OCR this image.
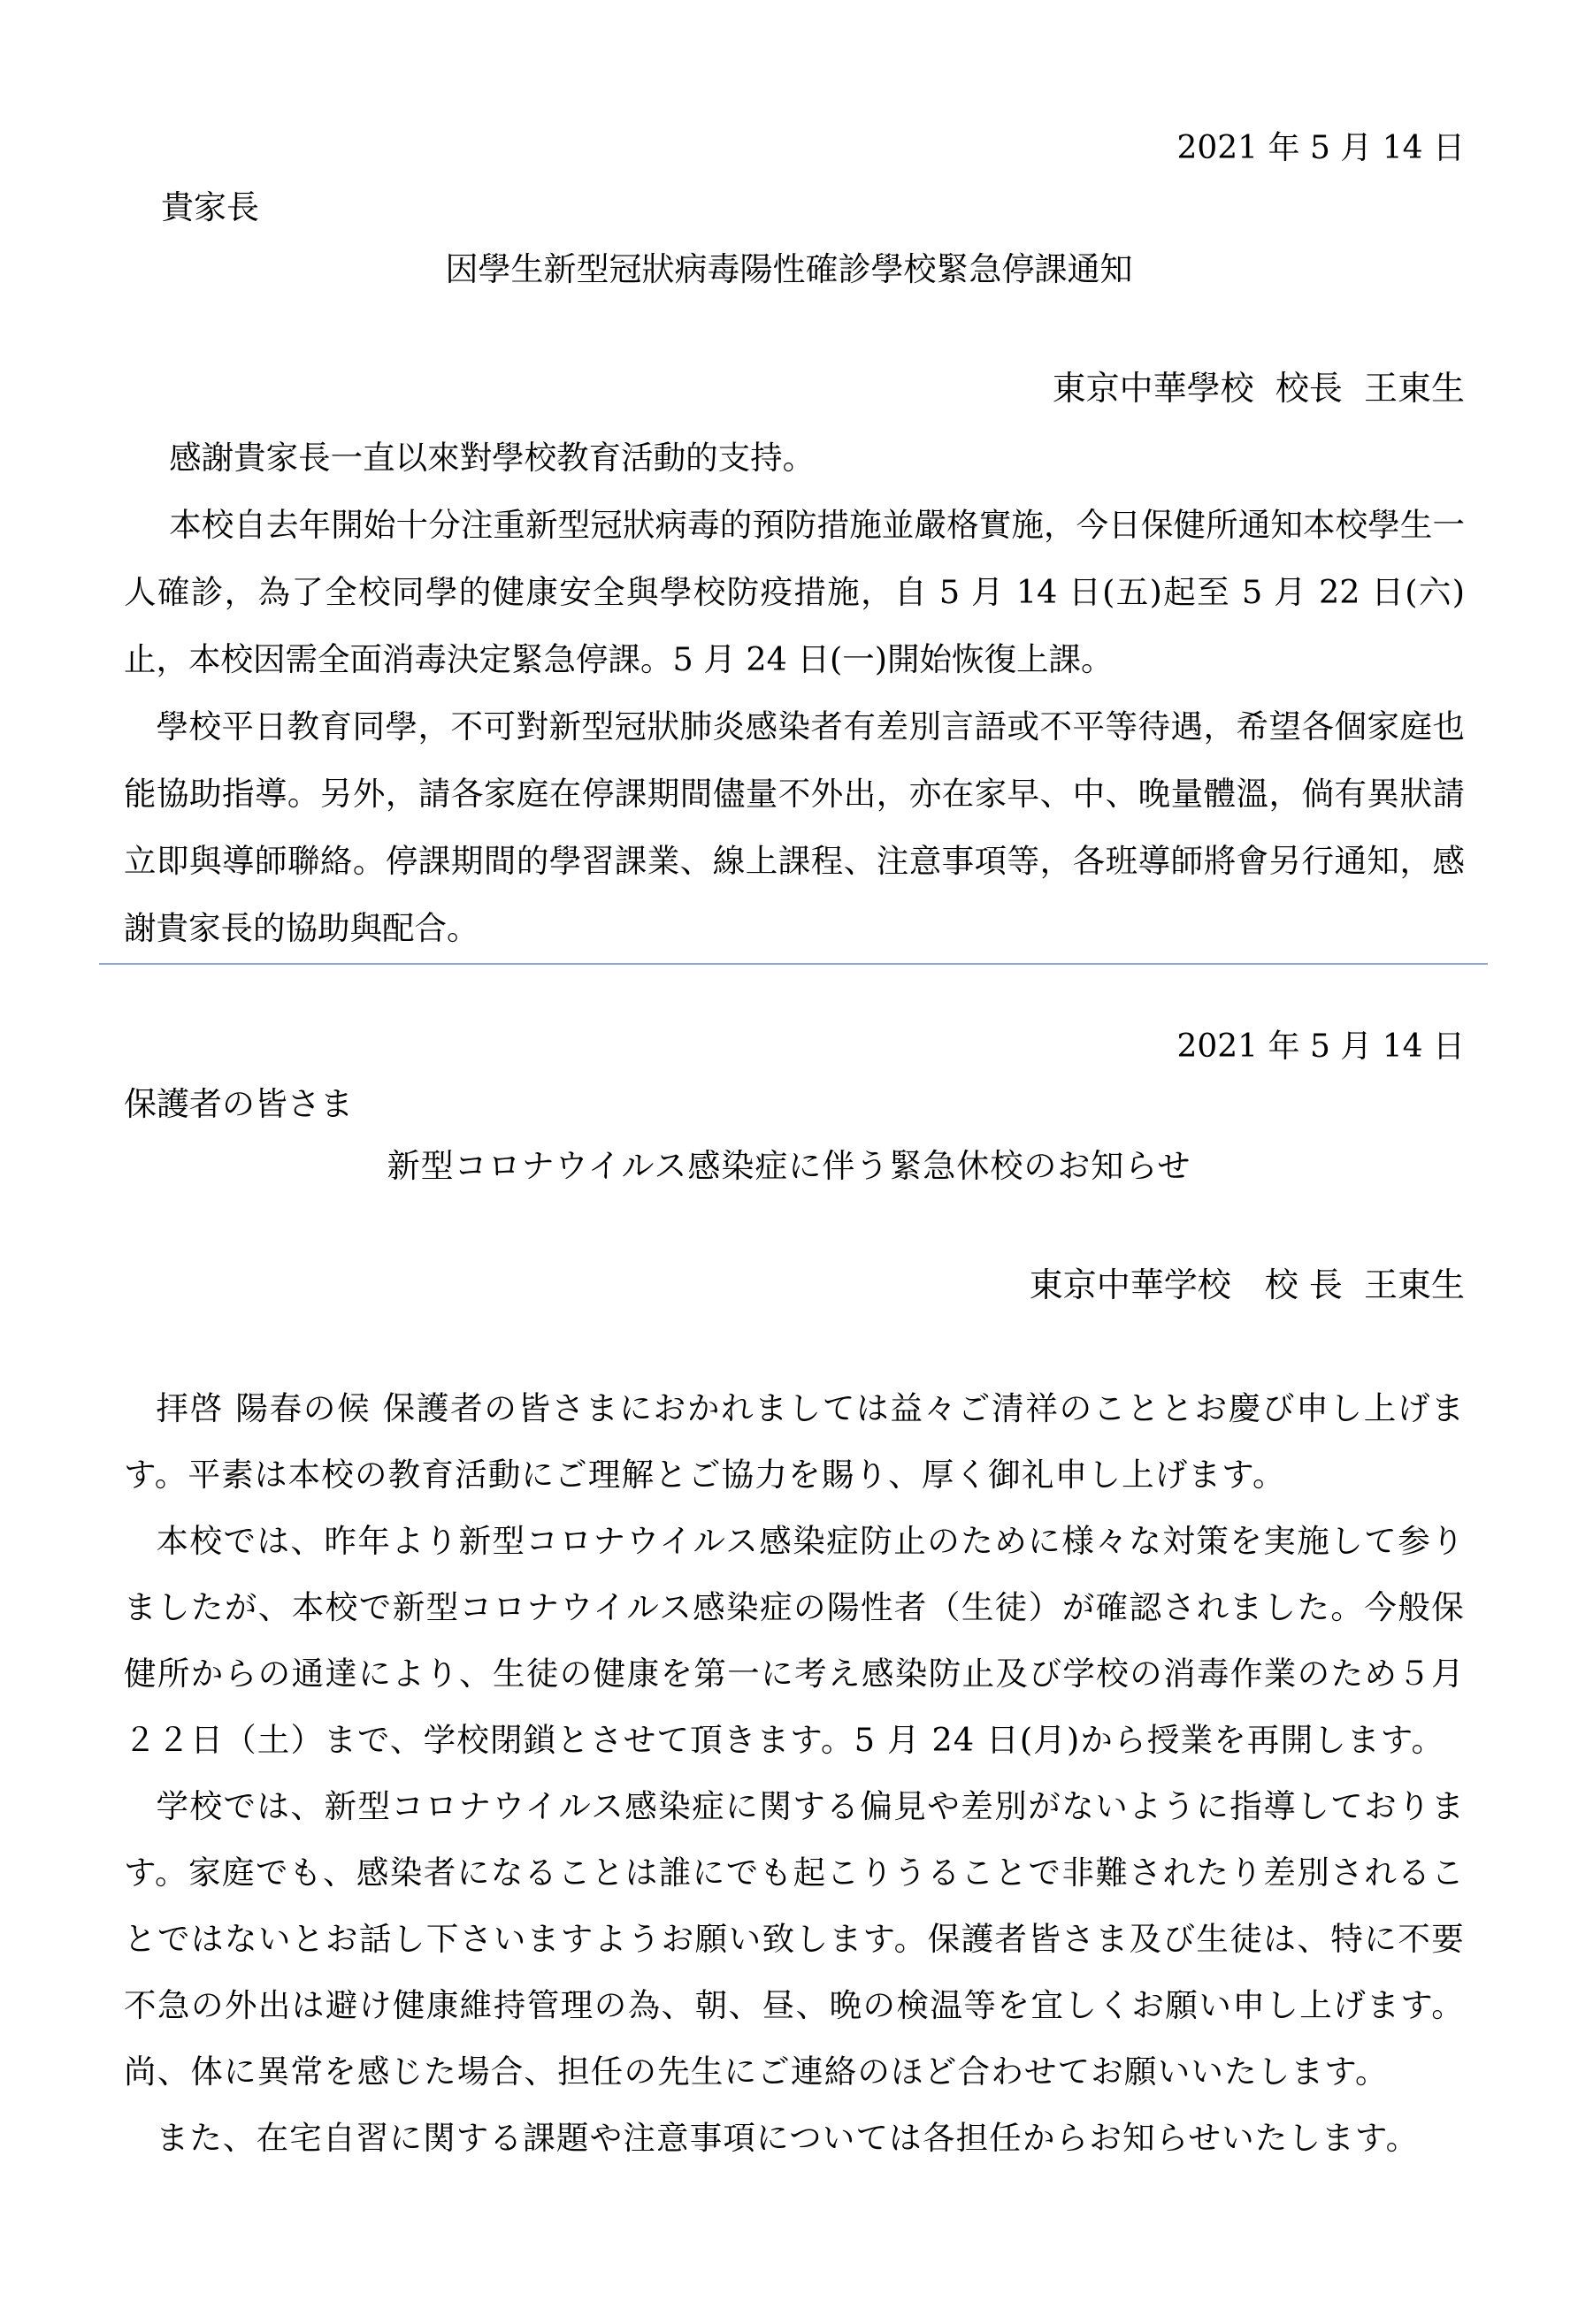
2021 年 5 月 14 日
貴家長
因學生新型冠狀病毒陽性確診學校緊急停課通知
東京中華學校  校長  王東生

感謝貴家長一直以來對學校教育活動的支持。

本校自去年開始十分注重新型冠狀病毒的預防措施並嚴格實施，今日保健所通知本校學生一人確診，為了全校同學的健康安全與學校防疫措施，自 5 月 14 日(五)起至 5 月 22 日(六)止，本校因需全面消毒決定緊急停課。5 月 24 日(一)開始恢復上課。

學校平日教育同學，不可對新型冠狀肺炎感染者有差別言語或不平等待遇，希望各個家庭也能協助指導。另外，請各家庭在停課期間儘量不外出，亦在家早、中、晚量體溫，倘有異狀請立即與導師聯絡。停課期間的學習課業、線上課程、注意事項等，各班導師將會另行通知，感謝貴家長的協助與配合。

2021 年 5 月 14 日
保護者の皆さま
新型コロナウイルス感染症に伴う緊急休校のお知らせ
東京中華学校　校 長  王東生

拝啓 陽春の候 保護者の皆さまにおかれましては益々ご清祥のこととお慶び申し上げます。平素は本校の教育活動にご理解とご協力を賜り、厚く御礼申し上げます。

本校では、昨年より新型コロナウイルス感染症防止のために様々な対策を実施して参りましたが、本校で新型コロナウイルス感染症の陽性者（生徒）が確認されました。今般保健所からの通達により、生徒の健康を第一に考え感染防止及び学校の消毒作業のため５月２２日（土）まで、学校閉鎖とさせて頂きます。5 月 24 日(月)から授業を再開します。

学校では、新型コロナウイルス感染症に関する偏見や差別がないように指導しております。家庭でも、感染者になることは誰にでも起こりうることで非難されたり差別されることではないとお話し下さいますようお願い致します。保護者皆さま及び生徒は、特に不要不急の外出は避け健康維持管理の為、朝、昼、晩の検温等を宜しくお願い申し上げます。尚、体に異常を感じた場合、担任の先生にご連絡のほど合わせてお願いいたします。

また、在宅自習に関する課題や注意事項については各担任からお知らせいたします。
